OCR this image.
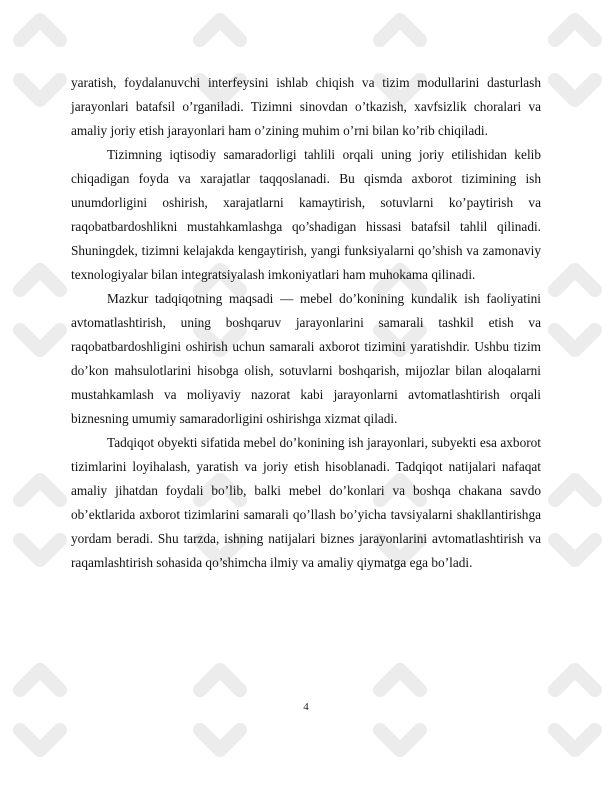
yaratish, foydalanuvchi interfeysini ishlab chiqish va tizim modullarini dasturlash jarayonlari batafsil o’rganiladi. Tizimni sinovdan o’tkazish, xavfsizlik choralari va amaliy joriy etish jarayonlari ham o’zining muhim o’rni bilan ko’rib chiqiladi.

Tizimning iqtisodiy samaradorligi tahlili orqali uning joriy etilishidan kelib chiqadigan foyda va xarajatlar taqqoslanadi. Bu qismda axborot tizimining ish unumdorligini oshirish, xarajatlarni kamaytirish, sotuvlarni ko’paytirish va raqobatbardoshlikni mustahkamlashga qo’shadigan hissasi batafsil tahlil qilinadi. Shuningdek, tizimni kelajakda kengaytirish, yangi funksiyalarni qo’shish va zamonaviy texnologiyalar bilan integratsiyalash imkoniyatlari ham muhokama qilinadi.

Mazkur tadqiqotning maqsadi — mebel do’konining kundalik ish faoliyatini avtomatlashtirish, uning boshqaruv jarayonlarini samarali tashkil etish va raqobatbardoshligini oshirish uchun samarali axborot tizimini yaratishdir. Ushbu tizim do’kon mahsulotlarini hisobga olish, sotuvlarni boshqarish, mijozlar bilan aloqalarni mustahkamlash va moliyaviy nazorat kabi jarayonlarni avtomatlashtirish orqali biznesning umumiy samaradorligini oshirishga xizmat qiladi.

Tadqiqot obyekti sifatida mebel do’konining ish jarayonlari, subyekti esa axborot tizimlarini loyihalash, yaratish va joriy etish hisoblanadi. Tadqiqot natijalari nafaqat amaliy jihatdan foydali bo’lib, balki mebel do’konlari va boshqa chakana savdo ob’ektlarida axborot tizimlarini samarali qo’llash bo’yicha tavsiyalarni shakllantirishga yordam beradi. Shu tarzda, ishning natijalari biznes jarayonlarini avtomatlashtirish va raqamlashtirish sohasida qo’shimcha ilmiy va amaliy qiymatga ega bo’ladi.

4
